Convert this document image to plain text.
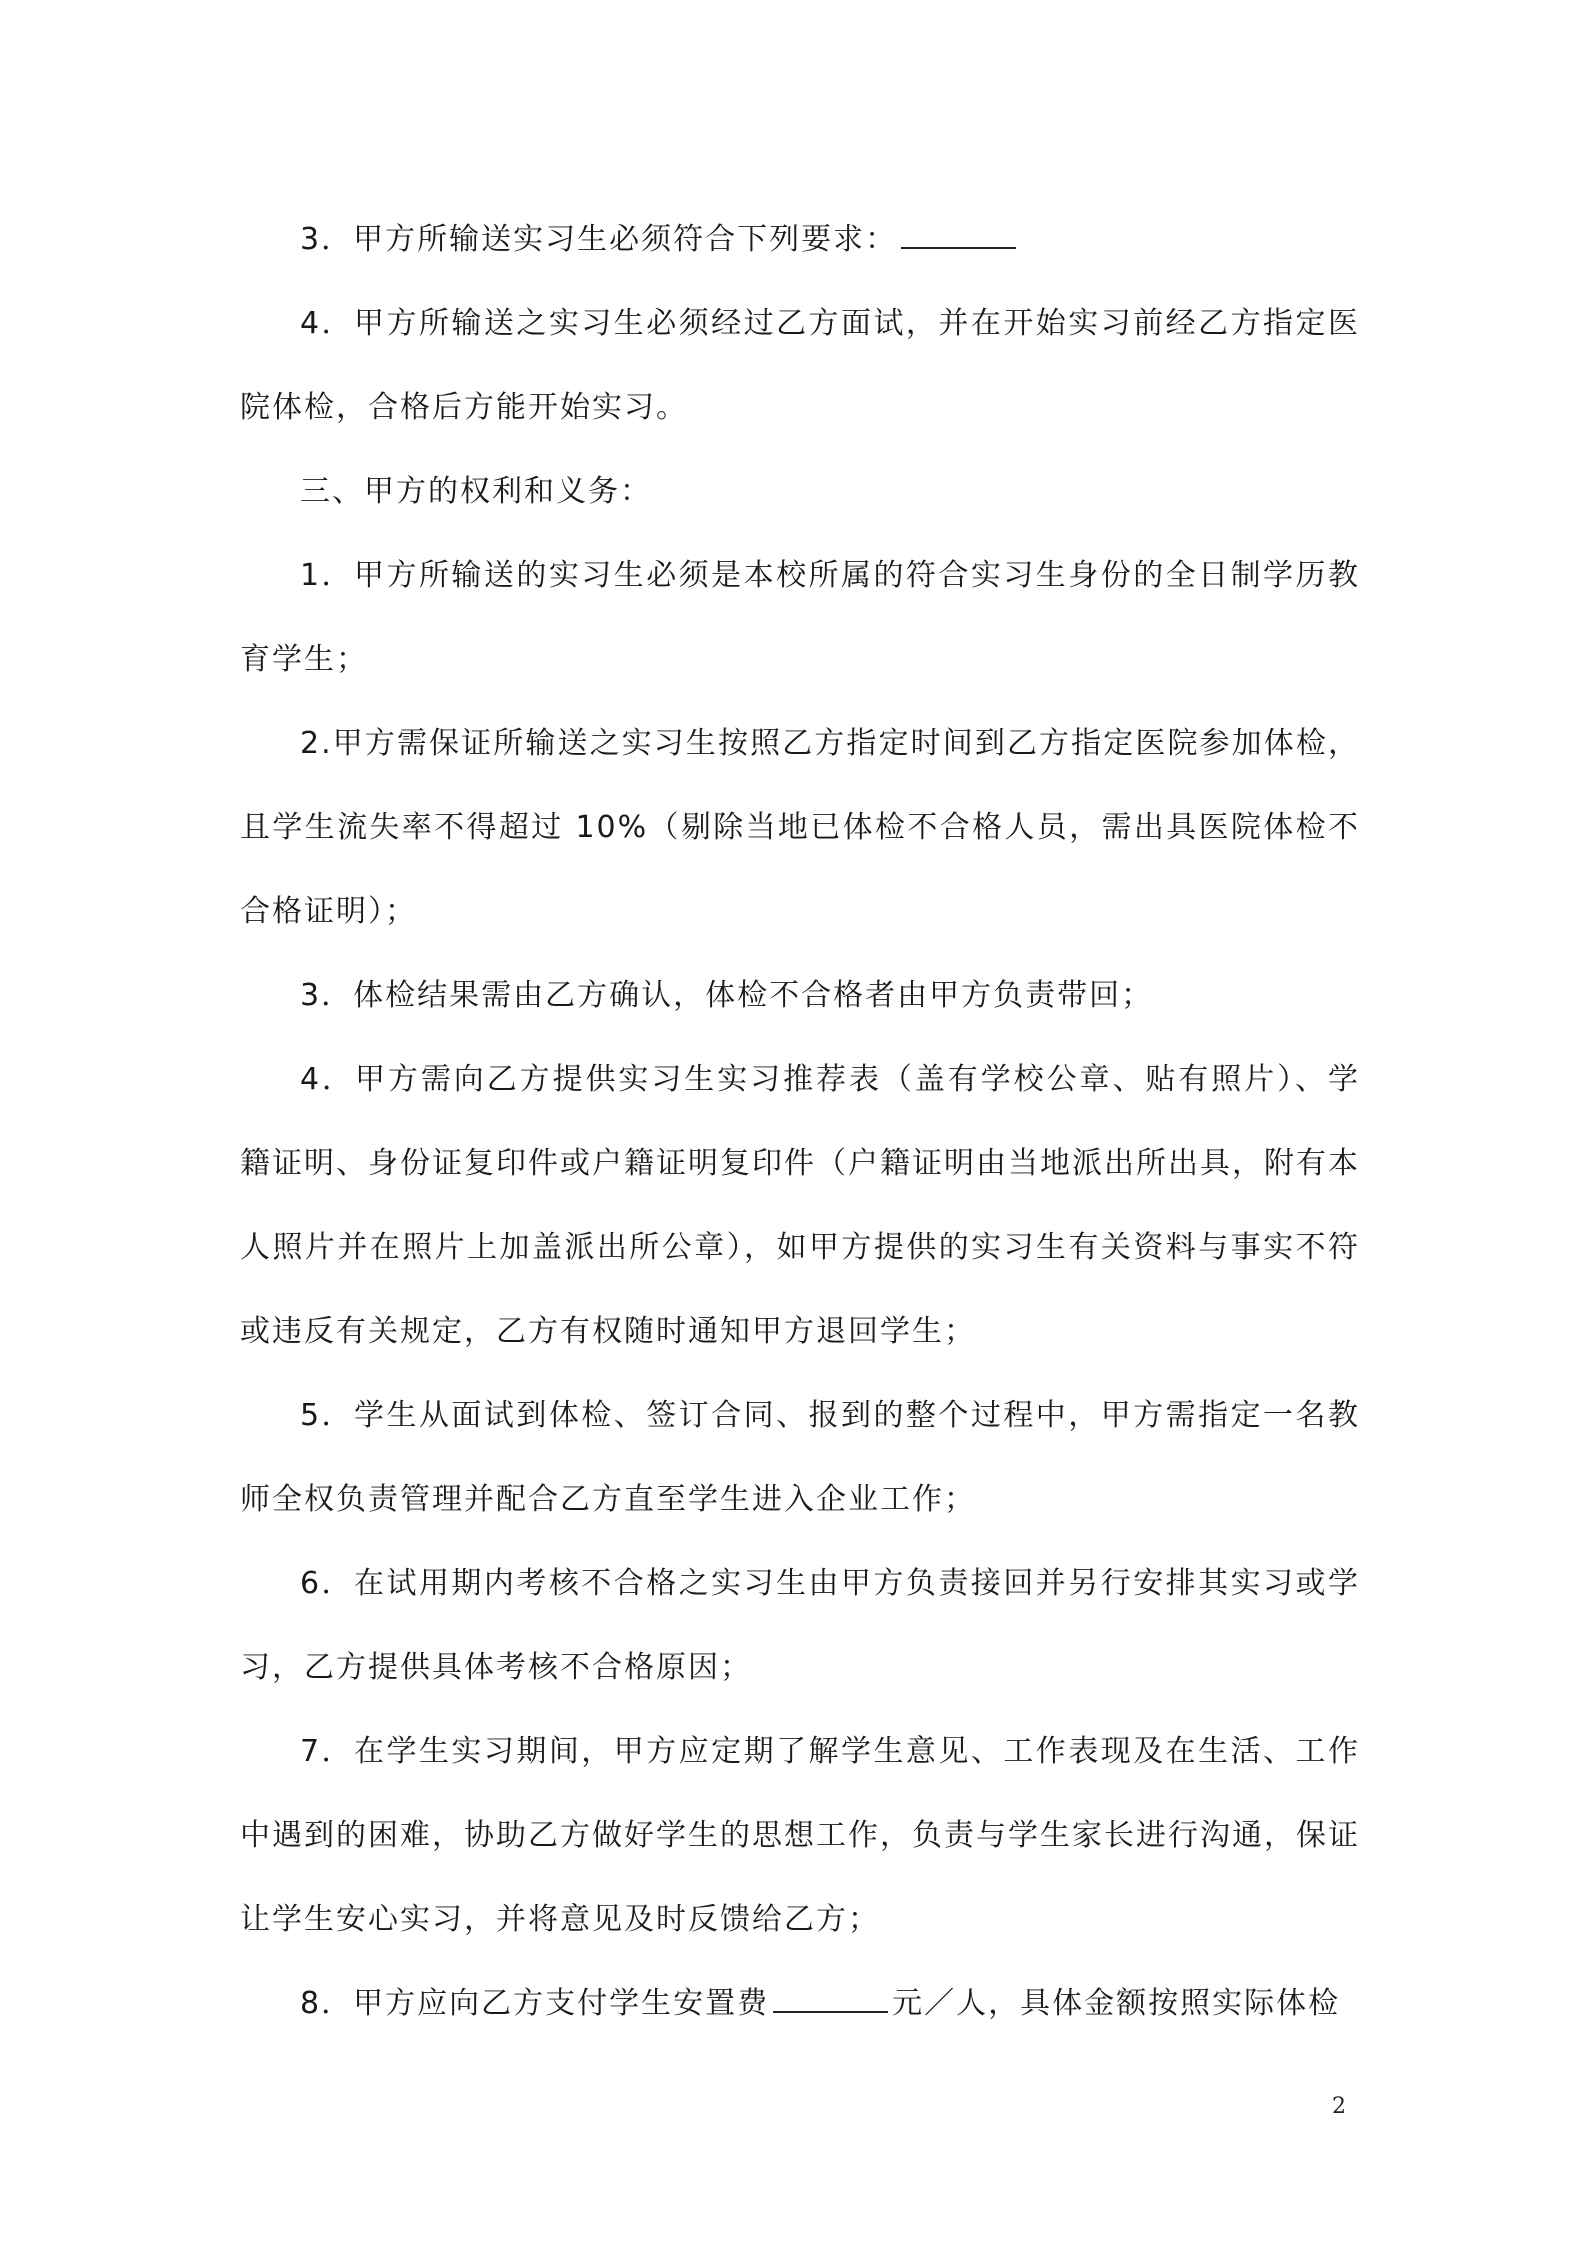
3．甲方所输送实习生必须符合下列要求：

4．甲方所输送之实习生必须经过乙方面试，并在开始实习前经乙方指定医院体检，合格后方能开始实习。

三、甲方的权利和义务：

1．甲方所输送的实习生必须是本校所属的符合实习生身份的全日制学历教育学生；

2.甲方需保证所输送之实习生按照乙方指定时间到乙方指定医院参加体检，且学生流失率不得超过 10%（剔除当地已体检不合格人员，需出具医院体检不合格证明）；

3．体检结果需由乙方确认，体检不合格者由甲方负责带回；

4．甲方需向乙方提供实习生实习推荐表（盖有学校公章、贴有照片）、学籍证明、身份证复印件或户籍证明复印件（户籍证明由当地派出所出具，附有本人照片并在照片上加盖派出所公章），如甲方提供的实习生有关资料与事实不符或违反有关规定，乙方有权随时通知甲方退回学生；

5．学生从面试到体检、签订合同、报到的整个过程中，甲方需指定一名教师全权负责管理并配合乙方直至学生进入企业工作；

6．在试用期内考核不合格之实习生由甲方负责接回并另行安排其实习或学习，乙方提供具体考核不合格原因；

7．在学生实习期间，甲方应定期了解学生意见、工作表现及在生活、工作中遇到的困难，协助乙方做好学生的思想工作，负责与学生家长进行沟通，保证让学生安心实习，并将意见及时反馈给乙方；

8．甲方应向乙方支付学生安置费	元／人，具体金额按照实际体检

2
